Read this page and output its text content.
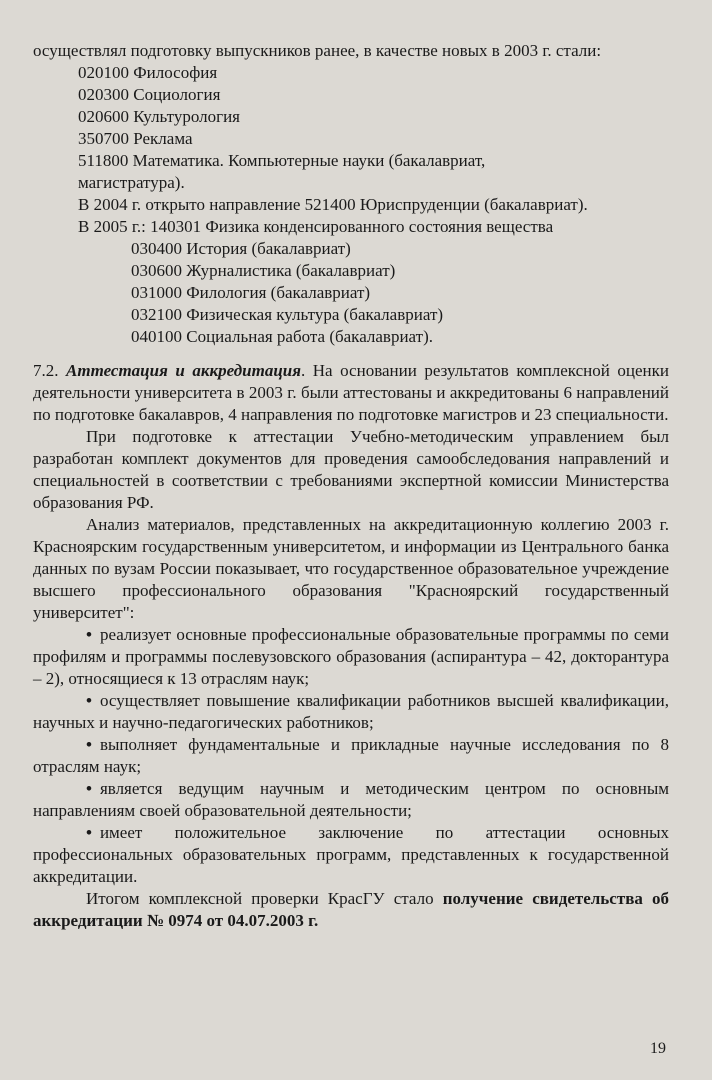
осуществлял подготовку выпускников ранее, в качестве новых в 2003 г. стали:

020100 Философия
020300 Социология
020600 Культурология
350700 Реклама
511800 Математика. Компьютерные науки (бакалавриат, магистратура).
В 2004 г. открыто направление 521400 Юриспруденции (бакалавриат).
В 2005 г.: 140301 Физика конденсированного состояния вещества
030400 История (бакалавриат)
030600 Журналистика (бакалавриат)
031000 Филология (бакалавриат)
032100 Физическая культура (бакалавриат)
040100 Социальная работа (бакалавриат).

7.2. Аттестация и аккредитация. На основании результатов комплексной оценки деятельности университета в 2003 г. были аттестованы и аккредитованы 6 направлений по подготовке бакалавров, 4 направления по подготовке магистров и 23 специальности.

При подготовке к аттестации Учебно-методическим управлением был разработан комплект документов для проведения самообследования направлений и специальностей в соответствии с требованиями экспертной комиссии Министерства образования РФ.

Анализ материалов, представленных на аккредитационную коллегию 2003 г. Красноярским государственным университетом, и информации из Центрального банка данных по вузам России показывает, что государственное образовательное учреждение высшего профессионального образования "Красноярский государственный университет":

• реализует основные профессиональные образовательные программы по семи профилям и программы послевузовского образования (аспирантура – 42, докторантура – 2), относящиеся к 13 отраслям наук;

• осуществляет повышение квалификации работников высшей квалификации, научных и научно-педагогических работников;

• выполняет фундаментальные и прикладные научные исследования по 8 отраслям наук;

• является ведущим научным и методическим центром по основным направлениям своей образовательной деятельности;

• имеет положительное заключение по аттестации основных профессиональных образовательных программ, представленных к государственной аккредитации.

Итогом комплексной проверки КрасГУ стало получение свидетельства об аккредитации № 0974 от 04.07.2003 г.

19
